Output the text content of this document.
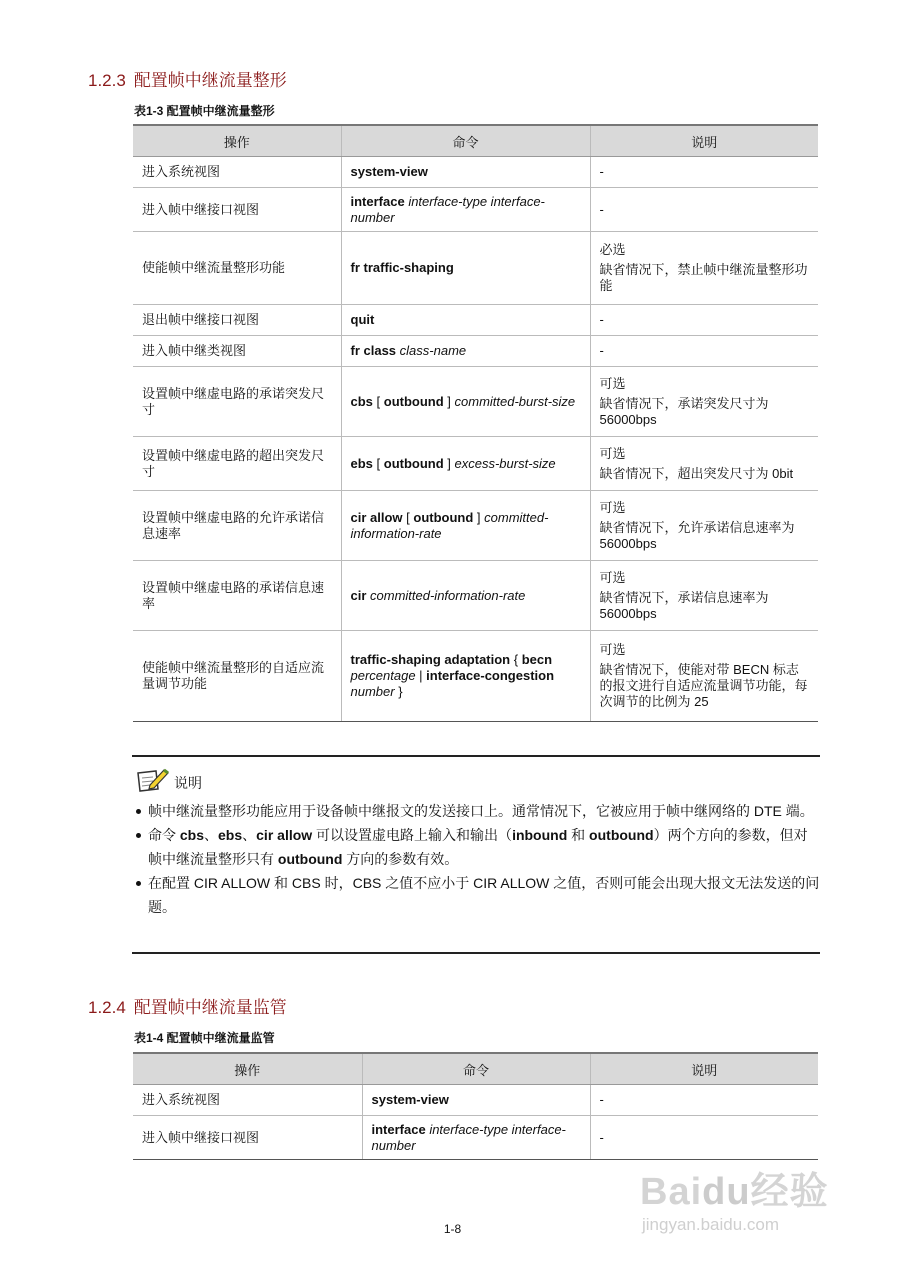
1.2.3 配置帧中继流量整形
表1-3 配置帧中继流量整形
操作	命令	说明
进入系统视图	system-view	-

进入帧中继接口视图	interface interface-type interface-number	-

使能帧中继流量整形功能	fr traffic-shaping	必选

缺省情况下，禁止帧中继流量整形功能

退出帧中继接口视图	quit	-

进入帧中继类视图	fr class class-name	-

设置帧中继虚电路的承诺突发尺寸	cbs [ outbound ] committed-burst-size	可选

缺省情况下，承诺突发尺寸为56000bps

设置帧中继虚电路的超出突发尺寸	ebs [ outbound ] excess-burst-size	可选

缺省情况下，超出突发尺寸为 0bit

设置帧中继虚电路的允许承诺信息速率	cir allow [ outbound ] committed-information-rate	可选

缺省情况下，允许承诺信息速率为56000bps

设置帧中继虚电路的承诺信息速率	cir committed-information-rate	可选

缺省情况下，承诺信息速率为56000bps

使能帧中继流量整形的自适应流量调节功能	traffic-shaping adaptation { becn percentage | interface-congestion number }	可选

缺省情况下，使能对带 BECN 标志的报文进行自适应流量调节功能，每次调节的比例为 25

说明
帧中继流量整形功能应用于设备帧中继报文的发送接口上。通常情况下，它被应用于帧中继网络的 DTE 端。
命令 cbs、ebs、cir allow 可以设置虚电路上输入和输出（inbound 和 outbound）两个方向的参数，但对帧中继流量整形只有 outbound 方向的参数有效。
在配置 CIR ALLOW 和 CBS 时，CBS 之值不应小于 CIR ALLOW 之值，否则可能会出现大报文无法发送的问题。
1.2.4 配置帧中继流量监管
表1-4 配置帧中继流量监管
操作	命令	说明
进入系统视图	system-view	-

进入帧中继接口视图	interface interface-type interface-number	-

Baidu经验
jingyan.baidu.com
1-8
